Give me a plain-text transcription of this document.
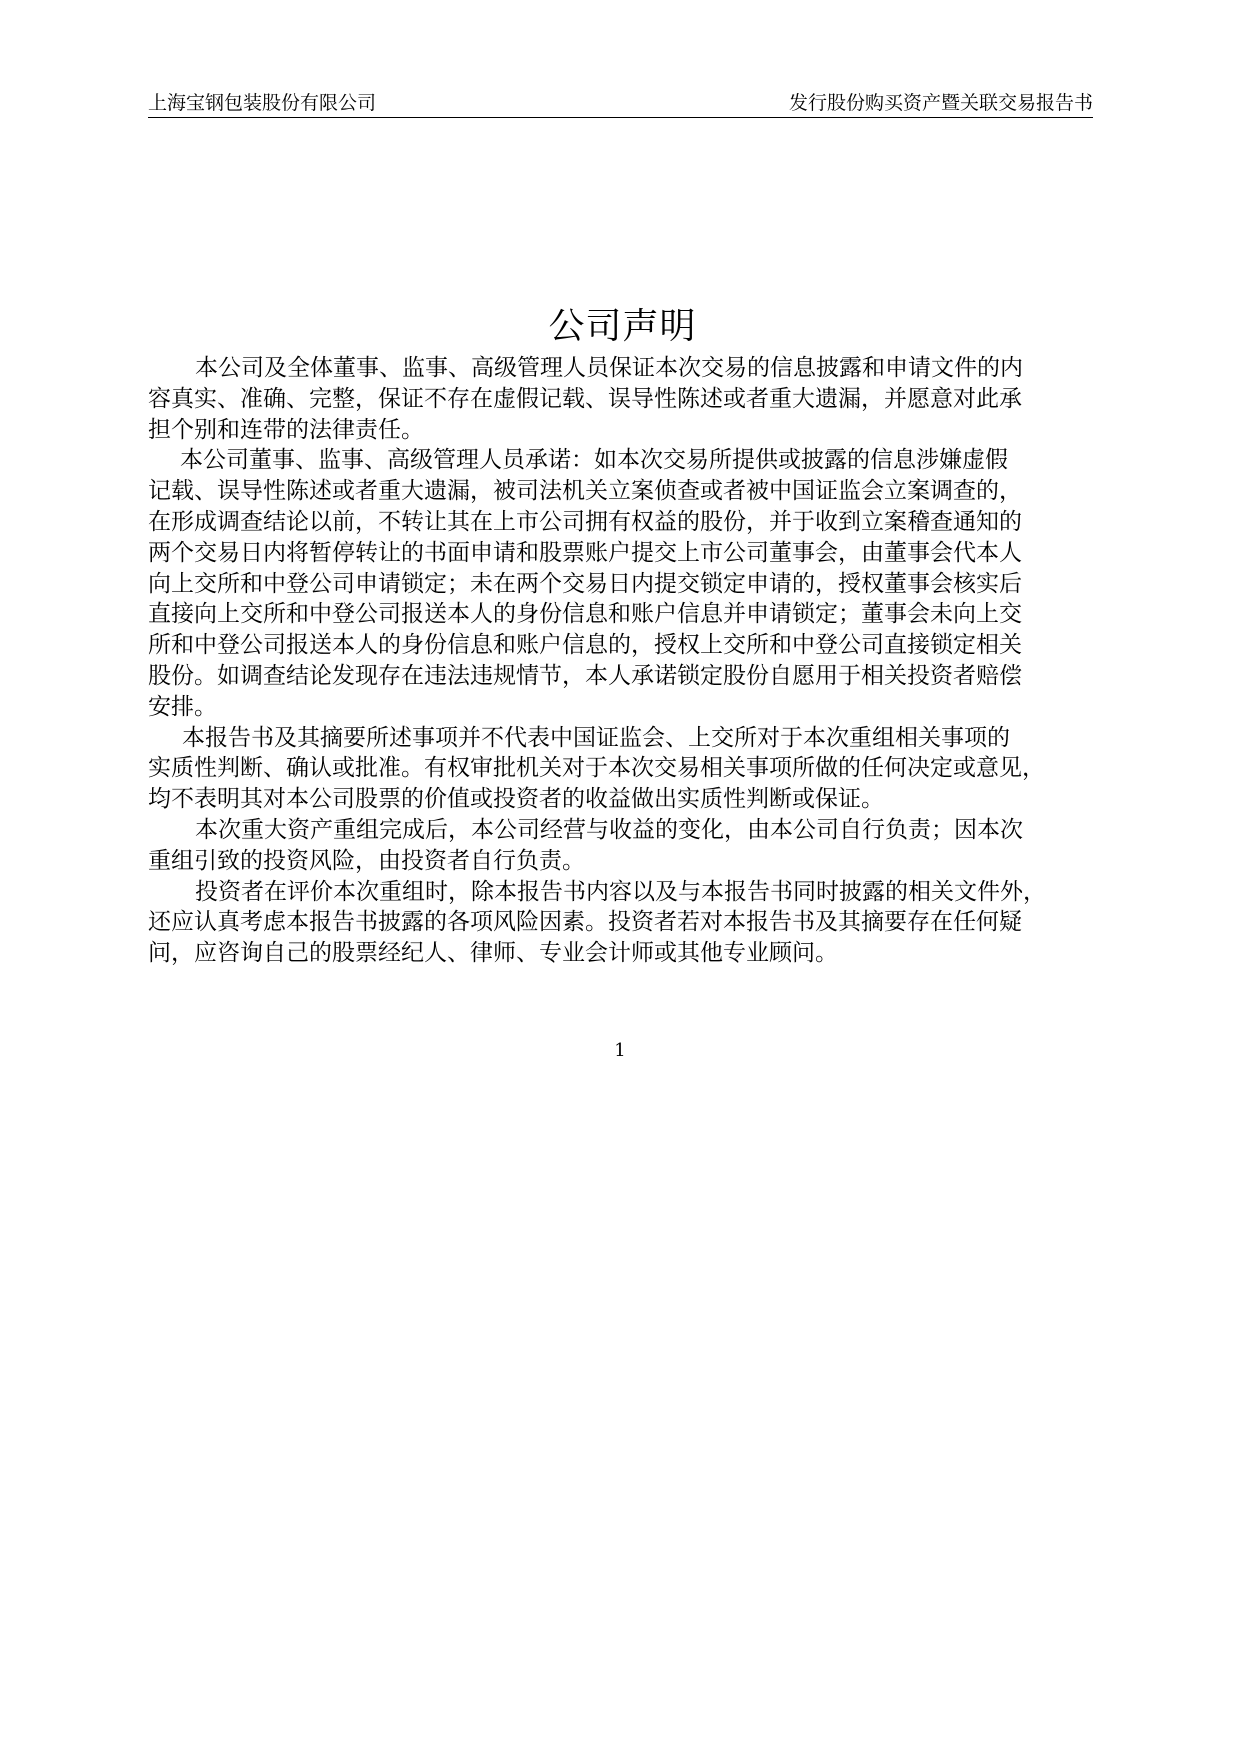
上海宝钢包装股份有限公司	发行股份购买资产暨关联交易报告书
公司声明
本公司及全体董事、监事、高级管理人员保证本次交易的信息披露和申请文件的内
容真实、准确、完整，保证不存在虚假记载、误导性陈述或者重大遗漏，并愿意对此承
担个别和连带的法律责任。
本公司董事、监事、高级管理人员承诺：如本次交易所提供或披露的信息涉嫌虚假
记载、误导性陈述或者重大遗漏，被司法机关立案侦查或者被中国证监会立案调查的，
在形成调查结论以前，不转让其在上市公司拥有权益的股份，并于收到立案稽查通知的
两个交易日内将暂停转让的书面申请和股票账户提交上市公司董事会，由董事会代本人
向上交所和中登公司申请锁定；未在两个交易日内提交锁定申请的，授权董事会核实后
直接向上交所和中登公司报送本人的身份信息和账户信息并申请锁定；董事会未向上交
所和中登公司报送本人的身份信息和账户信息的，授权上交所和中登公司直接锁定相关
股份。如调查结论发现存在违法违规情节，本人承诺锁定股份自愿用于相关投资者赔偿
安排。
本报告书及其摘要所述事项并不代表中国证监会、上交所对于本次重组相关事项的
实质性判断、确认或批准。有权审批机关对于本次交易相关事项所做的任何决定或意见，
均不表明其对本公司股票的价值或投资者的收益做出实质性判断或保证。
本次重大资产重组完成后，本公司经营与收益的变化，由本公司自行负责；因本次
重组引致的投资风险，由投资者自行负责。
投资者在评价本次重组时，除本报告书内容以及与本报告书同时披露的相关文件外，
还应认真考虑本报告书披露的各项风险因素。投资者若对本报告书及其摘要存在任何疑
问，应咨询自己的股票经纪人、律师、专业会计师或其他专业顾问。
1
